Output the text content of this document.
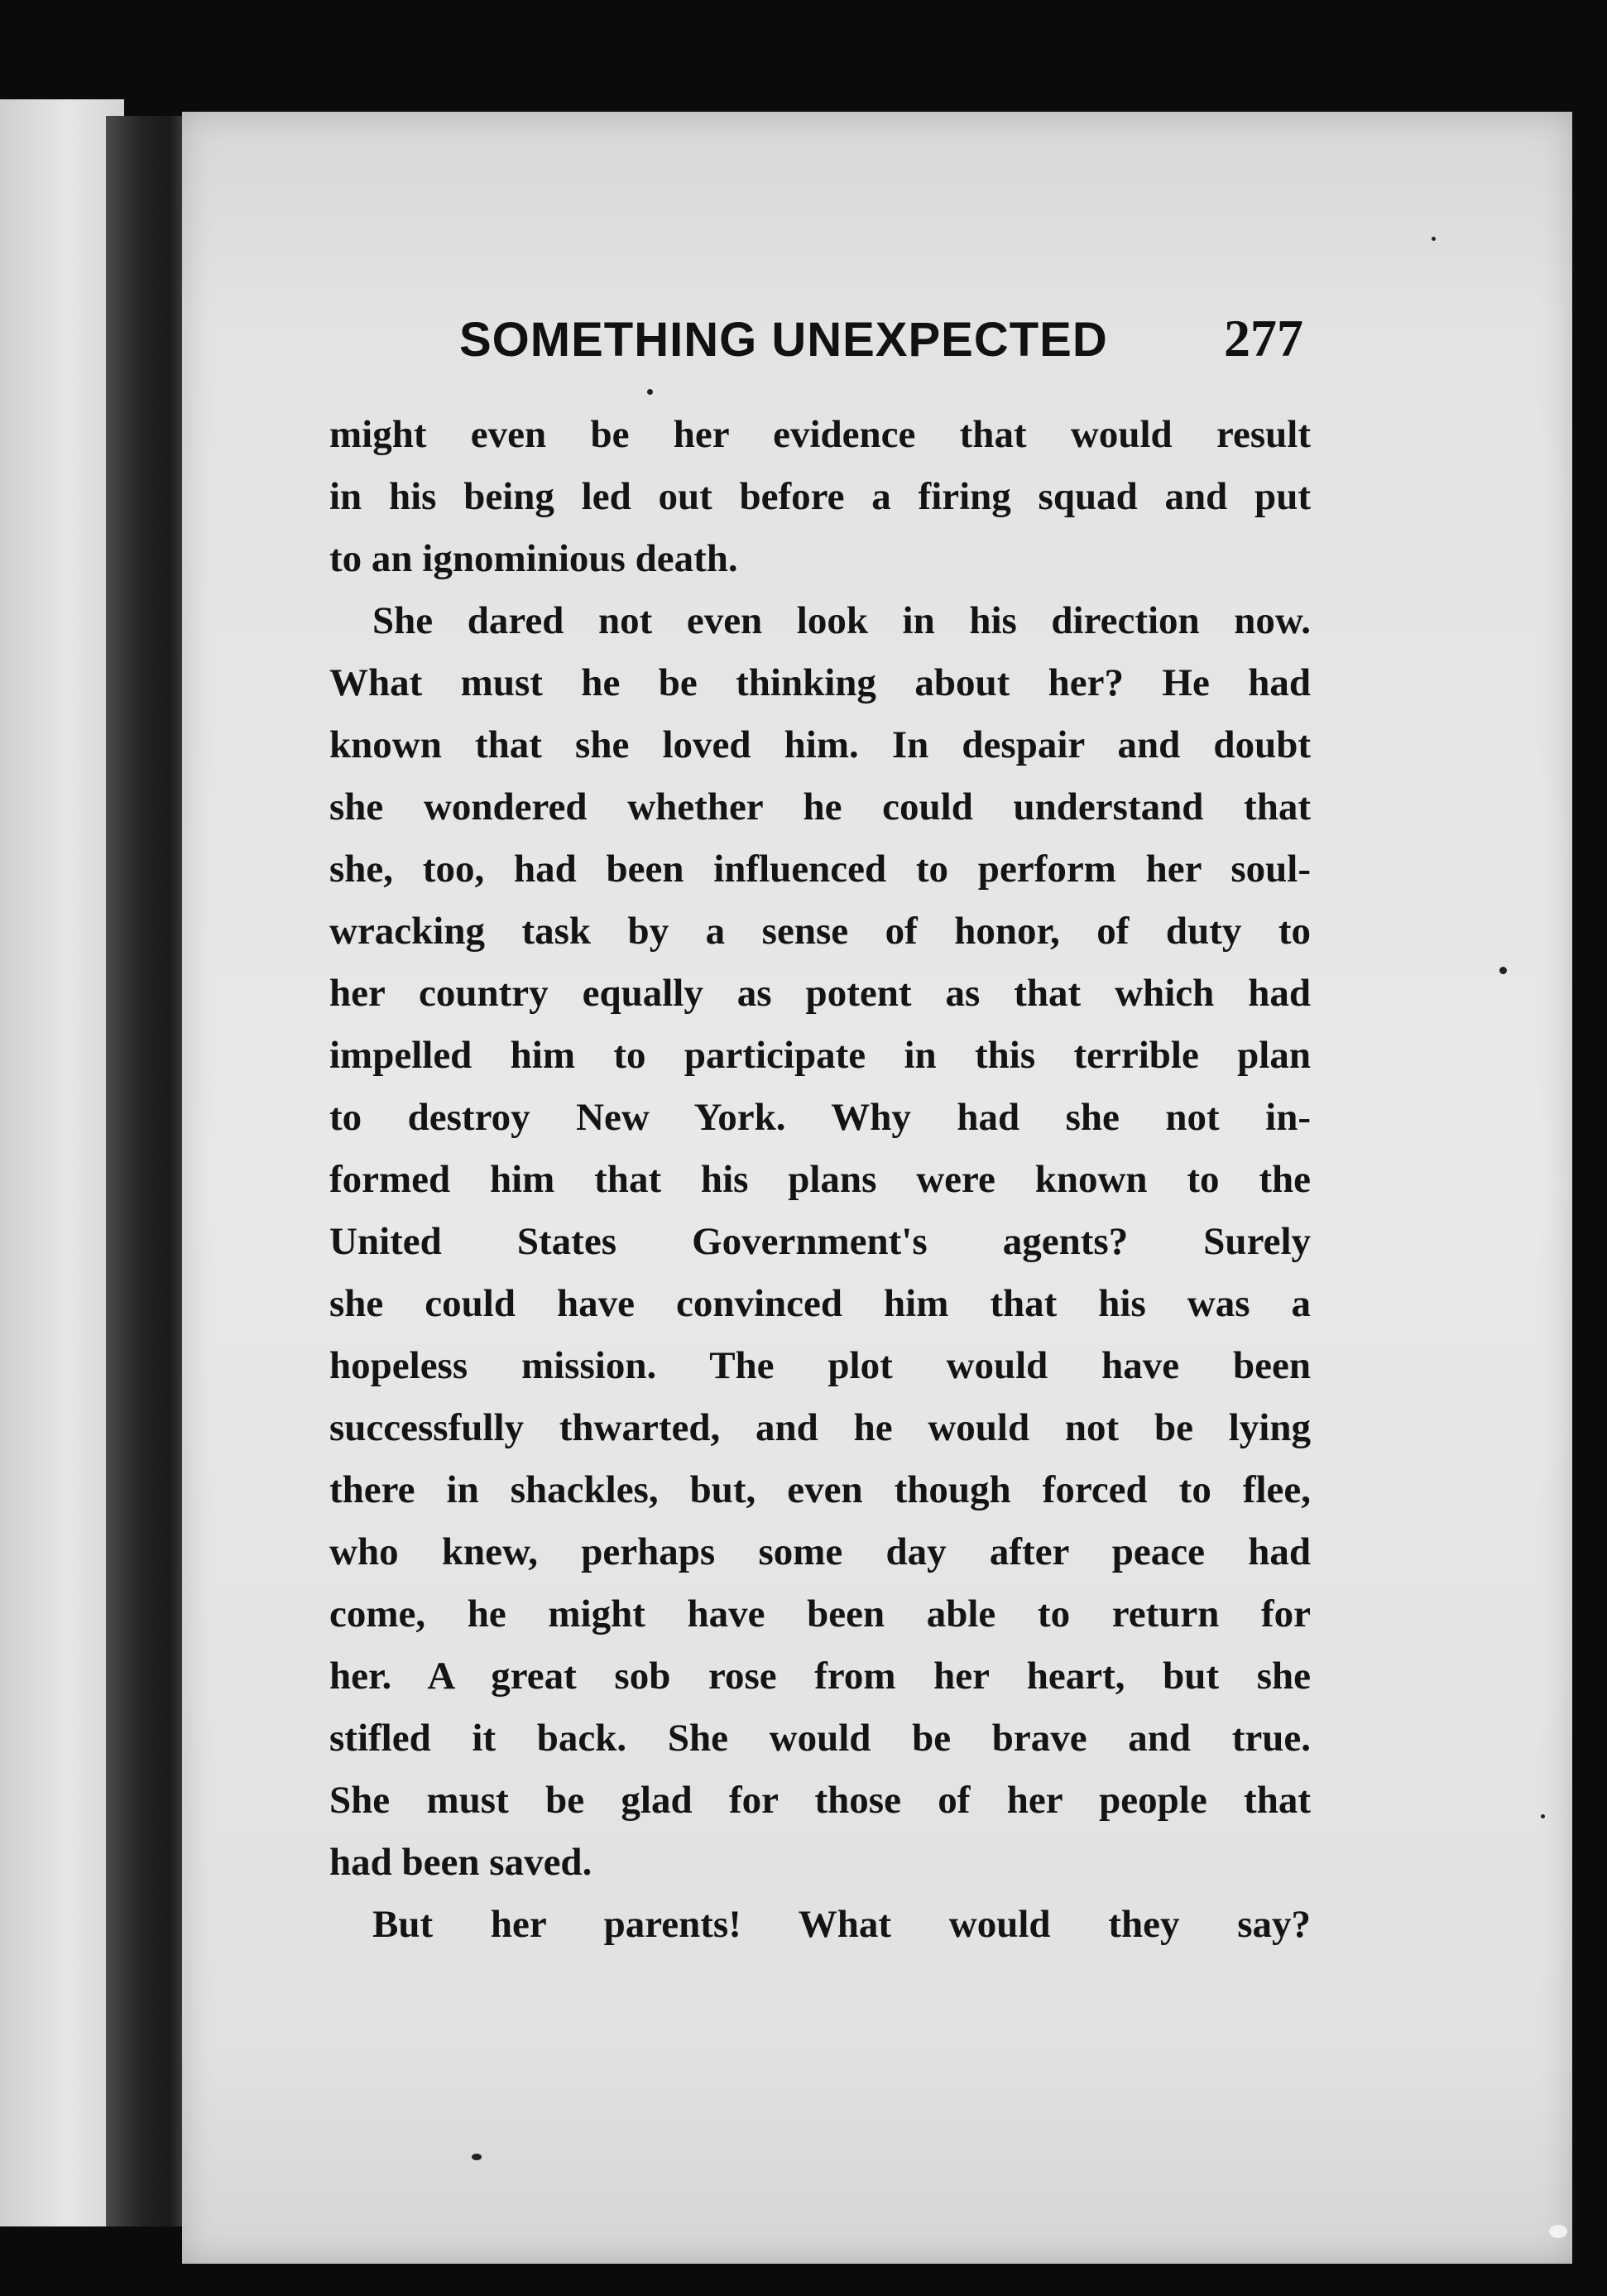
SOMETHING UNEXPECTED 277
might even be her evidence that would result
in his being led out before a firing squad and put
to an ignominious death.
She dared not even look in his direction now.
What must he be thinking about her? He had
known that she loved him. In despair and doubt
she wondered whether he could understand that
she, too, had been influenced to perform her soul-
wracking task by a sense of honor, of duty to
her country equally as potent as that which had
impelled him to participate in this terrible plan
to destroy New York. Why had she not in-
formed him that his plans were known to the
United States Government's agents? Surely
she could have convinced him that his was a
hopeless mission. The plot would have been
successfully thwarted, and he would not be lying
there in shackles, but, even though forced to flee,
who knew, perhaps some day after peace had
come, he might have been able to return for
her. A great sob rose from her heart, but she
stifled it back. She would be brave and true.
She must be glad for those of her people that
had been saved.
But her parents! What would they say?
